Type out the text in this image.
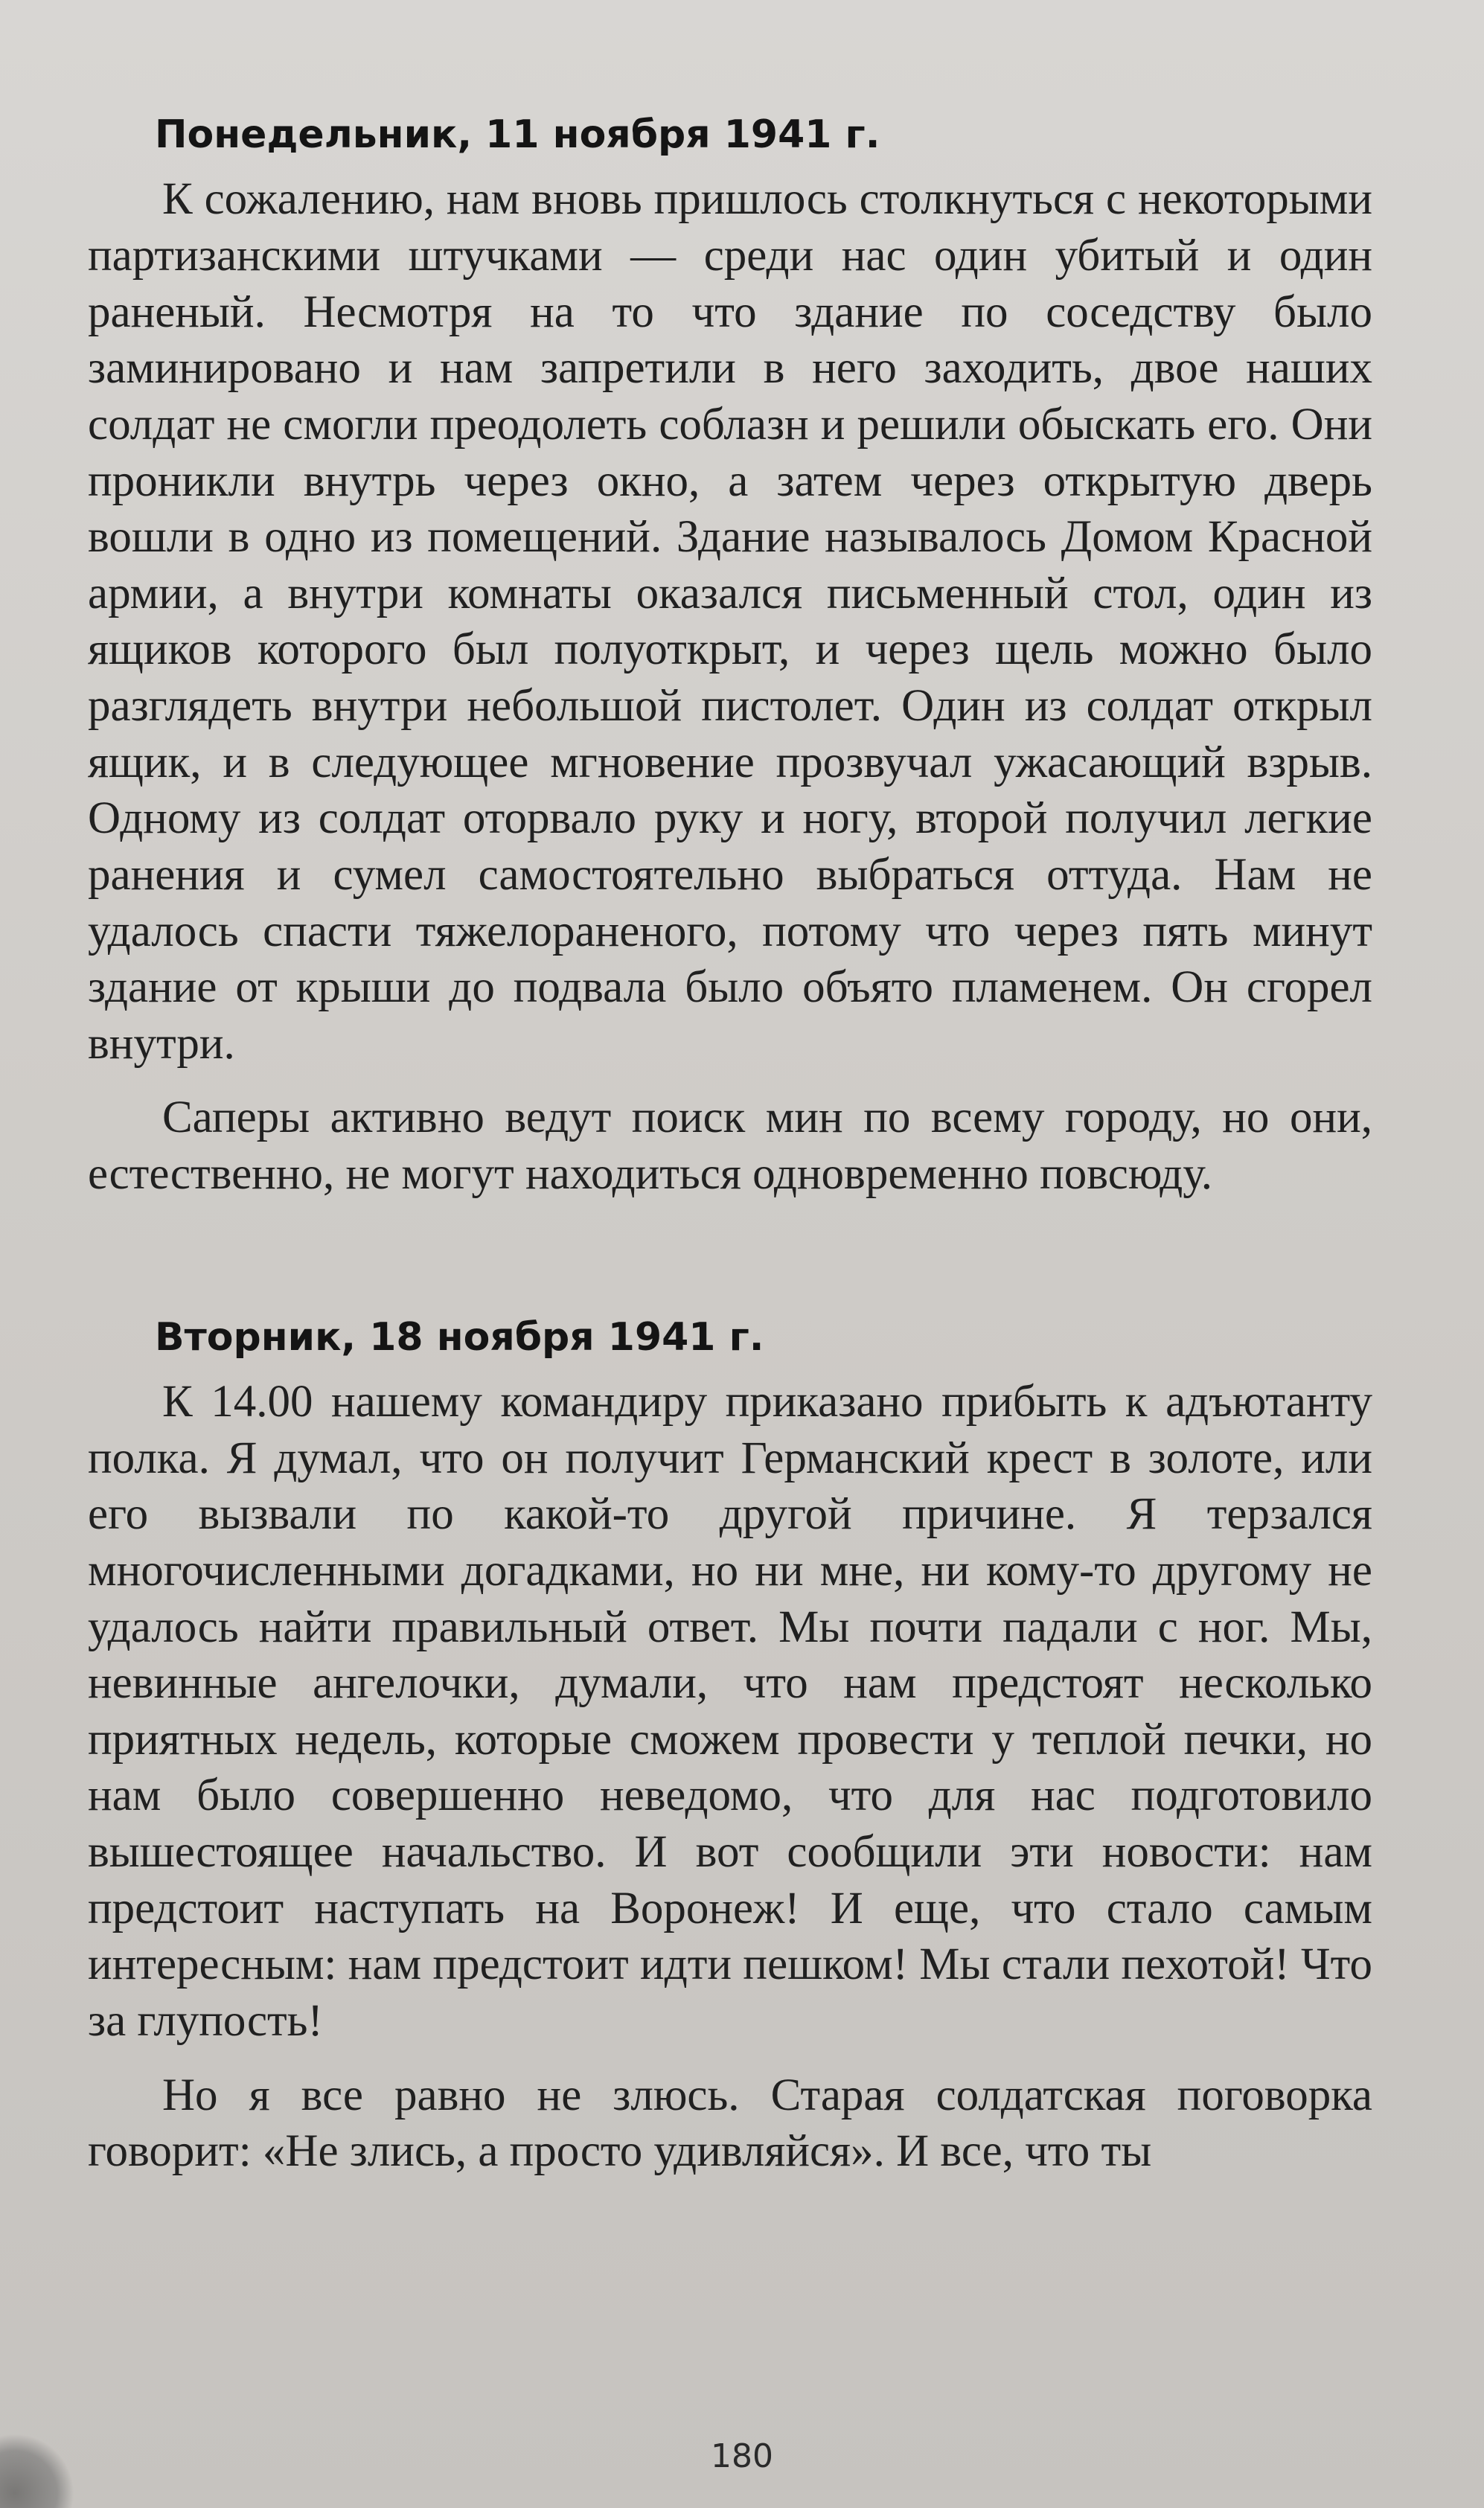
Понедельник, 11 ноября 1941 г.

К сожалению, нам вновь пришлось столкнуться с некоторыми партизанскими штучками — среди нас один убитый и один раненый. Несмотря на то что здание по соседству было заминировано и нам запретили в него заходить, двое наших солдат не смогли преодолеть соблазн и решили обыскать его. Они проникли внутрь через окно, а затем через открытую дверь вошли в одно из помещений. Здание называлось Домом Красной армии, а внутри комнаты оказался письменный стол, один из ящиков которого был полуоткрыт, и через щель можно было разглядеть внутри небольшой пистолет. Один из солдат открыл ящик, и в следующее мгновение прозвучал ужасающий взрыв. Одному из солдат оторвало руку и ногу, второй получил легкие ранения и сумел самостоятельно выбраться оттуда. Нам не удалось спасти тяжелораненого, потому что через пять минут здание от крыши до подвала было объято пламенем. Он сгорел внутри.

Саперы активно ведут поиск мин по всему городу, но они, естественно, не могут находиться одновременно повсюду.

Вторник, 18 ноября 1941 г.

К 14.00 нашему командиру приказано прибыть к адъютанту полка. Я думал, что он получит Германский крест в золоте, или его вызвали по какой-то другой причине. Я терзался многочисленными догадками, но ни мне, ни кому-то другому не удалось найти правильный ответ. Мы почти падали с ног. Мы, невинные ангелочки, думали, что нам предстоят несколько приятных недель, которые сможем провести у теплой печки, но нам было совершенно неведомо, что для нас подготовило вышестоящее начальство. И вот сообщили эти новости: нам предстоит наступать на Воронеж! И еще, что стало самым интересным: нам предстоит идти пешком! Мы стали пехотой! Что за глупость!

Но я все равно не злюсь. Старая солдатская поговорка говорит: «Не злись, а просто удивляйся». И все, что ты

180
